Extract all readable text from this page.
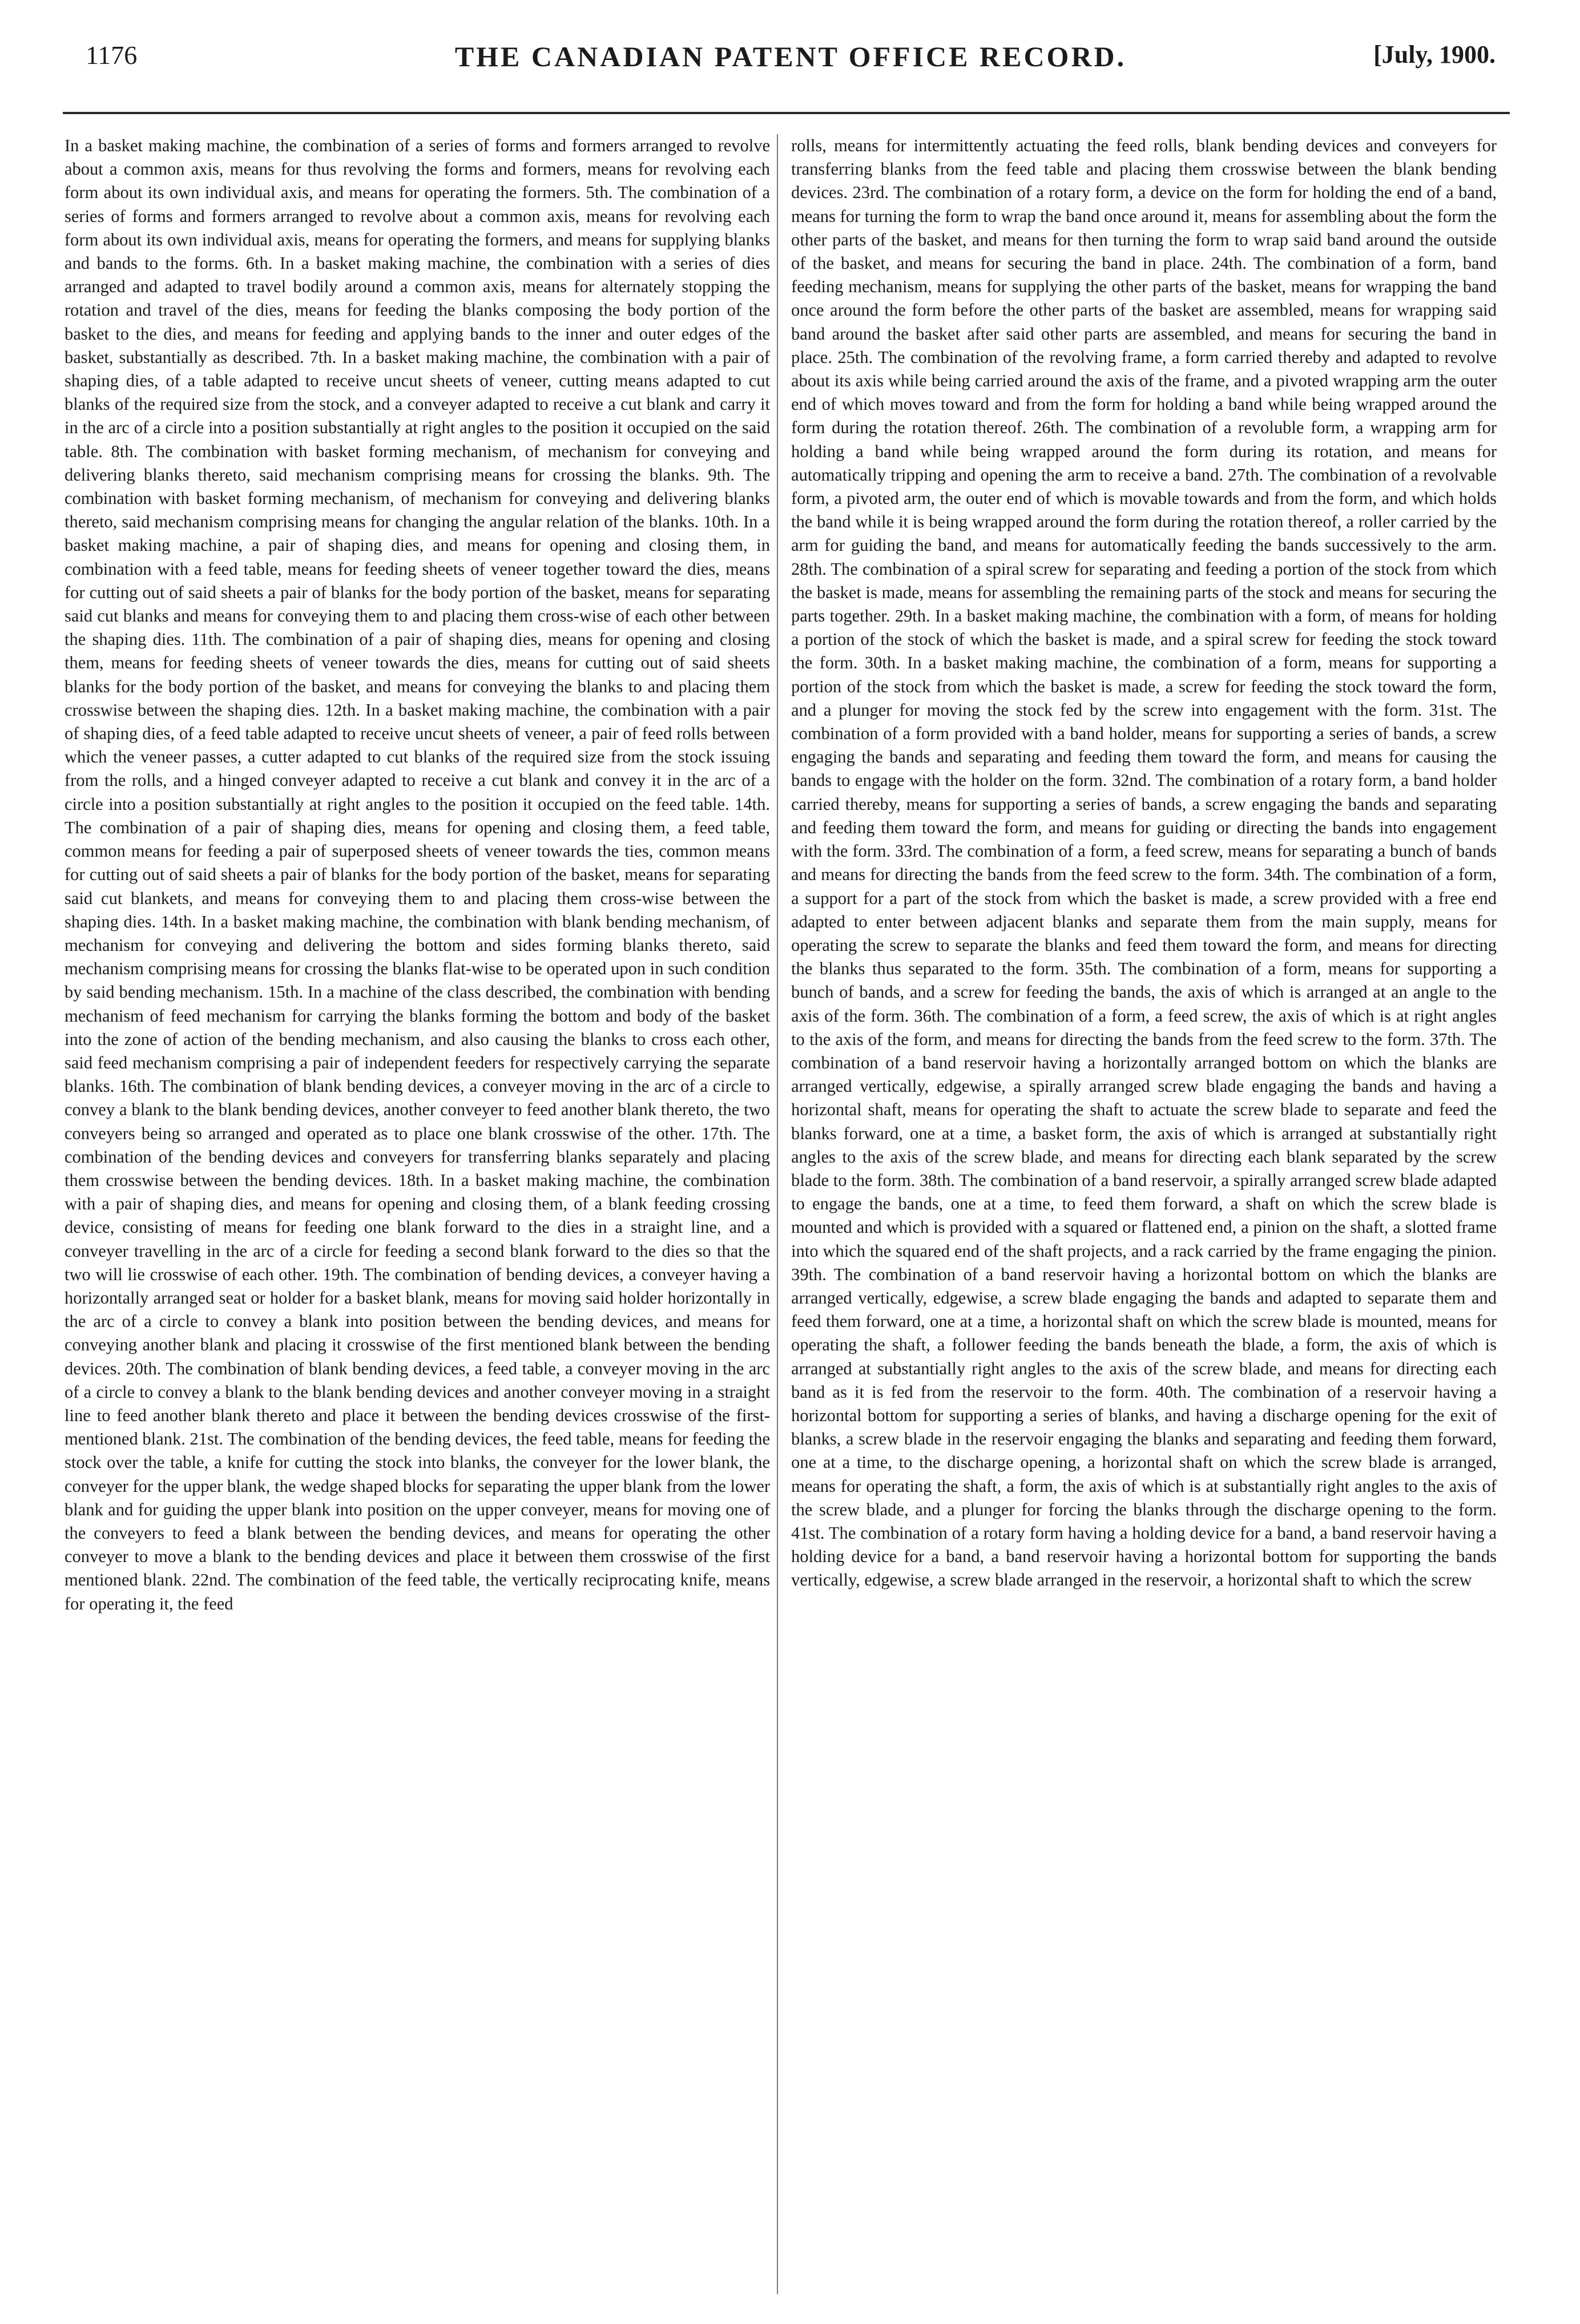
1176	THE CANADIAN PATENT OFFICE RECORD.	[July, 1900.
In a basket making machine, the combination of a series of forms and formers arranged to revolve about a common axis, means for thus revolving the forms and formers, means for revolving each form about its own individual axis, and means for operating the formers. 5th. The combination of a series of forms and formers arranged to revolve about a common axis, means for revolving each form about its own individual axis, means for operating the formers, and means for supplying blanks and bands to the forms. 6th. In a basket making machine, the combination with a series of dies arranged and adapted to travel bodily around a common axis, means for alternately stopping the rotation and travel of the dies, means for feeding the blanks composing the body portion of the basket to the dies, and means for feeding and applying bands to the inner and outer edges of the basket, substantially as described. 7th. In a basket making machine, the combination with a pair of shaping dies, of a table adapted to receive uncut sheets of veneer, cutting means adapted to cut blanks of the required size from the stock, and a conveyer adapted to receive a cut blank and carry it in the arc of a circle into a position substantially at right angles to the position it occupied on the said table. 8th. The combination with basket forming mechanism, of mechanism for conveying and delivering blanks thereto, said mechanism comprising means for crossing the blanks. 9th. The combination with basket forming mechanism, of mechanism for conveying and delivering blanks thereto, said mechanism comprising means for changing the angular relation of the blanks. 10th. In a basket making machine, a pair of shaping dies, and means for opening and closing them, in combination with a feed table, means for feeding sheets of veneer together toward the dies, means for cutting out of said sheets a pair of blanks for the body portion of the basket, means for separating said cut blanks and means for conveying them to and placing them cross-wise of each other between the shaping dies. 11th. The combination of a pair of shaping dies, means for opening and closing them, means for feeding sheets of veneer towards the dies, means for cutting out of said sheets blanks for the body portion of the basket, and means for conveying the blanks to and placing them crosswise between the shaping dies. 12th. In a basket making machine, the combination with a pair of shaping dies, of a feed table adapted to receive uncut sheets of veneer, a pair of feed rolls between which the veneer passes, a cutter adapted to cut blanks of the required size from the stock issuing from the rolls, and a hinged conveyer adapted to receive a cut blank and convey it in the arc of a circle into a position substantially at right angles to the position it occupied on the feed table. 14th. The combination of a pair of shaping dies, means for opening and closing them, a feed table, common means for feeding a pair of superposed sheets of veneer towards the ties, common means for cutting out of said sheets a pair of blanks for the body portion of the basket, means for separating said cut blankets, and means for conveying them to and placing them cross-wise between the shaping dies. 14th. In a basket making machine, the combination with blank bending mechanism, of mechanism for conveying and delivering the bottom and sides forming blanks thereto, said mechanism comprising means for crossing the blanks flat-wise to be operated upon in such condition by said bending mechanism. 15th. In a machine of the class described, the combination with bending mechanism of feed mechanism for carrying the blanks forming the bottom and body of the basket into the zone of action of the bending mechanism, and also causing the blanks to cross each other, said feed mechanism comprising a pair of independent feeders for respectively carrying the separate blanks. 16th. The combination of blank bending devices, a conveyer moving in the arc of a circle to convey a blank to the blank bending devices, another conveyer to feed another blank thereto, the two conveyers being so arranged and operated as to place one blank crosswise of the other. 17th. The combination of the bending devices and conveyers for transferring blanks separately and placing them crosswise between the bending devices. 18th. In a basket making machine, the combination with a pair of shaping dies, and means for opening and closing them, of a blank feeding crossing device, consisting of means for feeding one blank forward to the dies in a straight line, and a conveyer travelling in the arc of a circle for feeding a second blank forward to the dies so that the two will lie crosswise of each other. 19th. The combination of bending devices, a conveyer having a horizontally arranged seat or holder for a basket blank, means for moving said holder horizontally in the arc of a circle to convey a blank into position between the bending devices, and means for conveying another blank and placing it crosswise of the first mentioned blank between the bending devices. 20th. The combination of blank bending devices, a feed table, a conveyer moving in the arc of a circle to convey a blank to the blank bending devices and another conveyer moving in a straight line to feed another blank thereto and place it between the bending devices crosswise of the first-mentioned blank. 21st. The combination of the bending devices, the feed table, means for feeding the stock over the table, a knife for cutting the stock into blanks, the conveyer for the lower blank, the conveyer for the upper blank, the wedge shaped blocks for separating the upper blank from the lower blank and for guiding the upper blank into position on the upper conveyer, means for moving one of the conveyers to feed a blank between the bending devices, and means for operating the other conveyer to move a blank to the bending devices and place it between them crosswise of the first mentioned blank. 22nd. The combination of the feed table, the vertically reciprocating knife, means for operating it, the feed
rolls, means for intermittently actuating the feed rolls, blank bending devices and conveyers for transferring blanks from the feed table and placing them crosswise between the blank bending devices. 23rd. The combination of a rotary form, a device on the form for holding the end of a band, means for turning the form to wrap the band once around it, means for assembling about the form the other parts of the basket, and means for then turning the form to wrap said band around the outside of the basket, and means for securing the band in place. 24th. The combination of a form, band feeding mechanism, means for supplying the other parts of the basket, means for wrapping the band once around the form before the other parts of the basket are assembled, means for wrapping said band around the basket after said other parts are assembled, and means for securing the band in place. 25th. The combination of the revolving frame, a form carried thereby and adapted to revolve about its axis while being carried around the axis of the frame, and a pivoted wrapping arm the outer end of which moves toward and from the form for holding a band while being wrapped around the form during the rotation thereof. 26th. The combination of a revoluble form, a wrapping arm for holding a band while being wrapped around the form during its rotation, and means for automatically tripping and opening the arm to receive a band. 27th. The combination of a revolvable form, a pivoted arm, the outer end of which is movable towards and from the form, and which holds the band while it is being wrapped around the form during the rotation thereof, a roller carried by the arm for guiding the band, and means for automatically feeding the bands successively to the arm. 28th. The combination of a spiral screw for separating and feeding a portion of the stock from which the basket is made, means for assembling the remaining parts of the stock and means for securing the parts together. 29th. In a basket making machine, the combination with a form, of means for holding a portion of the stock of which the basket is made, and a spiral screw for feeding the stock toward the form. 30th. In a basket making machine, the combination of a form, means for supporting a portion of the stock from which the basket is made, a screw for feeding the stock toward the form, and a plunger for moving the stock fed by the screw into engagement with the form. 31st. The combination of a form provided with a band holder, means for supporting a series of bands, a screw engaging the bands and separating and feeding them toward the form, and means for causing the bands to engage with the holder on the form. 32nd. The combination of a rotary form, a band holder carried thereby, means for supporting a series of bands, a screw engaging the bands and separating and feeding them toward the form, and means for guiding or directing the bands into engagement with the form. 33rd. The combination of a form, a feed screw, means for separating a bunch of bands and means for directing the bands from the feed screw to the form. 34th. The combination of a form, a support for a part of the stock from which the basket is made, a screw provided with a free end adapted to enter between adjacent blanks and separate them from the main supply, means for operating the screw to separate the blanks and feed them toward the form, and means for directing the blanks thus separated to the form. 35th. The combination of a form, means for supporting a bunch of bands, and a screw for feeding the bands, the axis of which is arranged at an angle to the axis of the form. 36th. The combination of a form, a feed screw, the axis of which is at right angles to the axis of the form, and means for directing the bands from the feed screw to the form. 37th. The combination of a band reservoir having a horizontally arranged bottom on which the blanks are arranged vertically, edgewise, a spirally arranged screw blade engaging the bands and having a horizontal shaft, means for operating the shaft to actuate the screw blade to separate and feed the blanks forward, one at a time, a basket form, the axis of which is arranged at substantially right angles to the axis of the screw blade, and means for directing each blank separated by the screw blade to the form. 38th. The combination of a band reservoir, a spirally arranged screw blade adapted to engage the bands, one at a time, to feed them forward, a shaft on which the screw blade is mounted and which is provided with a squared or flattened end, a pinion on the shaft, a slotted frame into which the squared end of the shaft projects, and a rack carried by the frame engaging the pinion. 39th. The combination of a band reservoir having a horizontal bottom on which the blanks are arranged vertically, edgewise, a screw blade engaging the bands and adapted to separate them and feed them forward, one at a time, a horizontal shaft on which the screw blade is mounted, means for operating the shaft, a follower feeding the bands beneath the blade, a form, the axis of which is arranged at substantially right angles to the axis of the screw blade, and means for directing each band as it is fed from the reservoir to the form. 40th. The combination of a reservoir having a horizontal bottom for supporting a series of blanks, and having a discharge opening for the exit of blanks, a screw blade in the reservoir engaging the blanks and separating and feeding them forward, one at a time, to the discharge opening, a horizontal shaft on which the screw blade is arranged, means for operating the shaft, a form, the axis of which is at substantially right angles to the axis of the screw blade, and a plunger for forcing the blanks through the discharge opening to the form. 41st. The combination of a rotary form having a holding device for a band, a band reservoir having a holding device for a band, a band reservoir having a horizontal bottom for supporting the bands vertically, edgewise, a screw blade arranged in the reservoir, a horizontal shaft to which the screw
